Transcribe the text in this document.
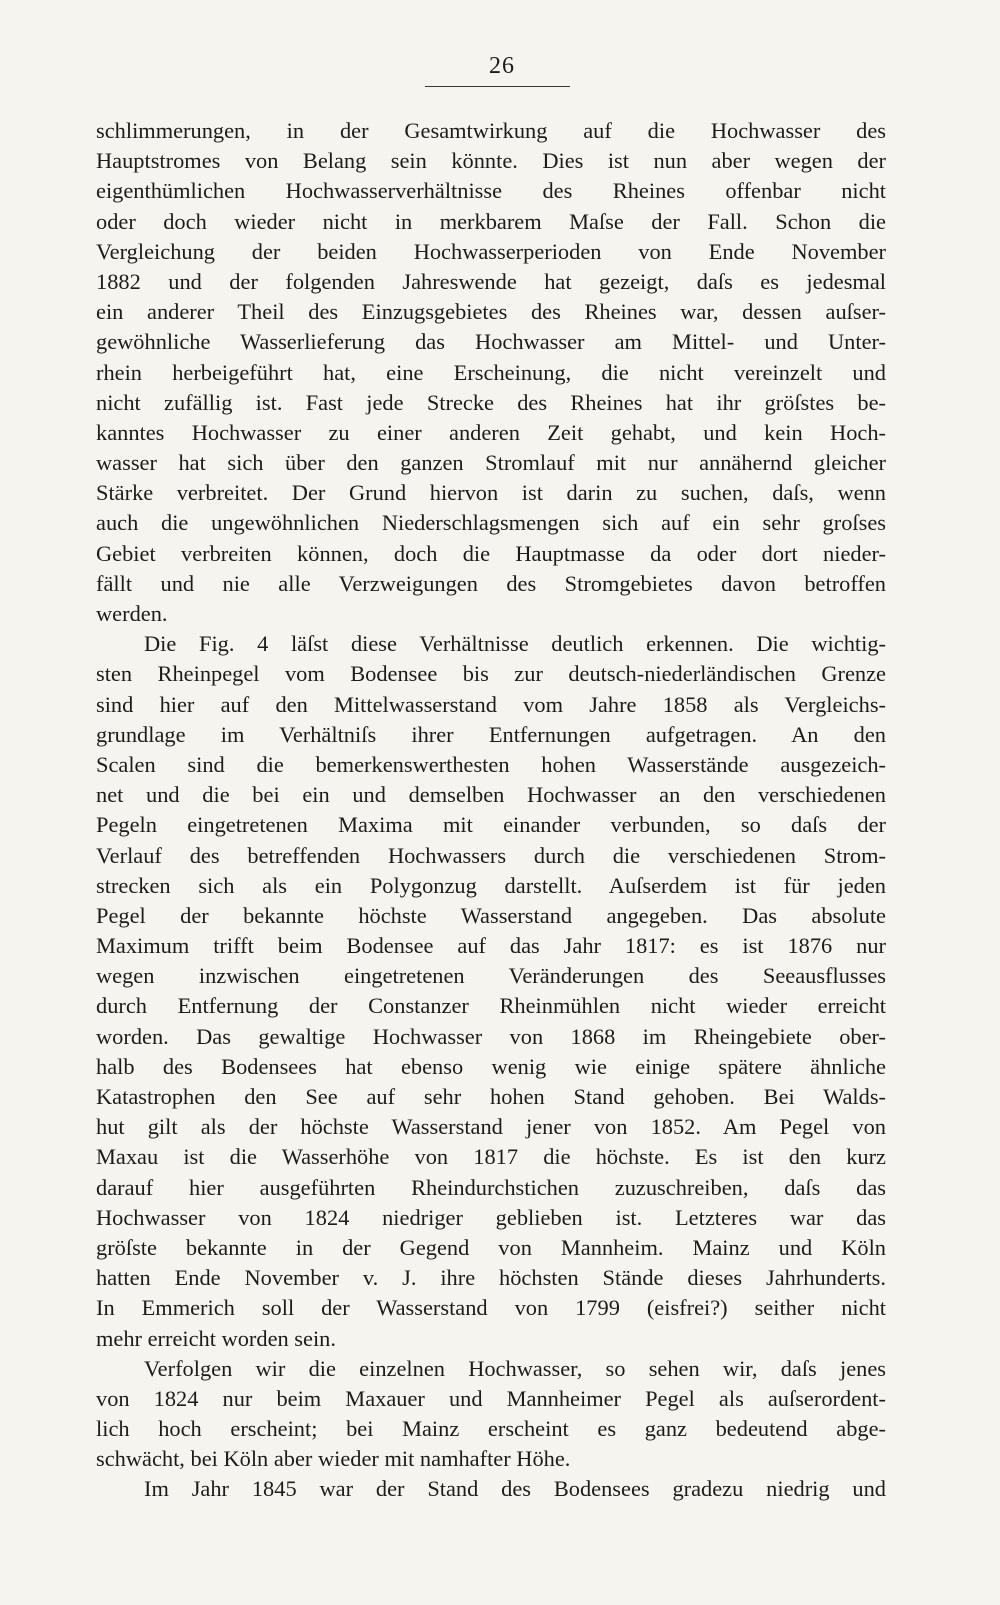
26
schlimmerungen, in der Gesamtwirkung auf die Hochwasser des
Hauptstromes von Belang sein könnte. Dies ist nun aber wegen der
eigenthümlichen Hochwasserverhältnisse des Rheines offenbar nicht
oder doch wieder nicht in merkbarem Maſse der Fall. Schon die
Vergleichung der beiden Hochwasserperioden von Ende November
1882 und der folgenden Jahreswende hat gezeigt, daſs es jedesmal
ein anderer Theil des Einzugsgebietes des Rheines war, dessen auſser-
gewöhnliche Wasserlieferung das Hochwasser am Mittel- und Unter-
rhein herbeigeführt hat, eine Erscheinung, die nicht vereinzelt und
nicht zufällig ist. Fast jede Strecke des Rheines hat ihr gröſstes be-
kanntes Hochwasser zu einer anderen Zeit gehabt, und kein Hoch-
wasser hat sich über den ganzen Stromlauf mit nur annähernd gleicher
Stärke verbreitet. Der Grund hiervon ist darin zu suchen, daſs, wenn
auch die ungewöhnlichen Niederschlagsmengen sich auf ein sehr groſses
Gebiet verbreiten können, doch die Hauptmasse da oder dort nieder-
fällt und nie alle Verzweigungen des Stromgebietes davon betroffen
werden.
Die Fig. 4 läſst diese Verhältnisse deutlich erkennen. Die wichtig-
sten Rheinpegel vom Bodensee bis zur deutsch-niederländischen Grenze
sind hier auf den Mittelwasserstand vom Jahre 1858 als Vergleichs-
grundlage im Verhältniſs ihrer Entfernungen aufgetragen. An den
Scalen sind die bemerkenswerthesten hohen Wasserstände ausgezeich-
net und die bei ein und demselben Hochwasser an den verschiedenen
Pegeln eingetretenen Maxima mit einander verbunden, so daſs der
Verlauf des betreffenden Hochwassers durch die verschiedenen Strom-
strecken sich als ein Polygonzug darstellt. Auſserdem ist für jeden
Pegel der bekannte höchste Wasserstand angegeben. Das absolute
Maximum trifft beim Bodensee auf das Jahr 1817: es ist 1876 nur
wegen inzwischen eingetretenen Veränderungen des Seeausflusses
durch Entfernung der Constanzer Rheinmühlen nicht wieder erreicht
worden. Das gewaltige Hochwasser von 1868 im Rheingebiete ober-
halb des Bodensees hat ebenso wenig wie einige spätere ähnliche
Katastrophen den See auf sehr hohen Stand gehoben. Bei Walds-
hut gilt als der höchste Wasserstand jener von 1852. Am Pegel von
Maxau ist die Wasserhöhe von 1817 die höchste. Es ist den kurz
darauf hier ausgeführten Rheindurchstichen zuzuschreiben, daſs das
Hochwasser von 1824 niedriger geblieben ist. Letzteres war das
gröſste bekannte in der Gegend von Mannheim. Mainz und Köln
hatten Ende November v. J. ihre höchsten Stände dieses Jahrhunderts.
In Emmerich soll der Wasserstand von 1799 (eisfrei?) seither nicht
mehr erreicht worden sein.
Verfolgen wir die einzelnen Hochwasser, so sehen wir, daſs jenes
von 1824 nur beim Maxauer und Mannheimer Pegel als auſserordent-
lich hoch erscheint; bei Mainz erscheint es ganz bedeutend abge-
schwächt, bei Köln aber wieder mit namhafter Höhe.
Im Jahr 1845 war der Stand des Bodensees gradezu niedrig und
